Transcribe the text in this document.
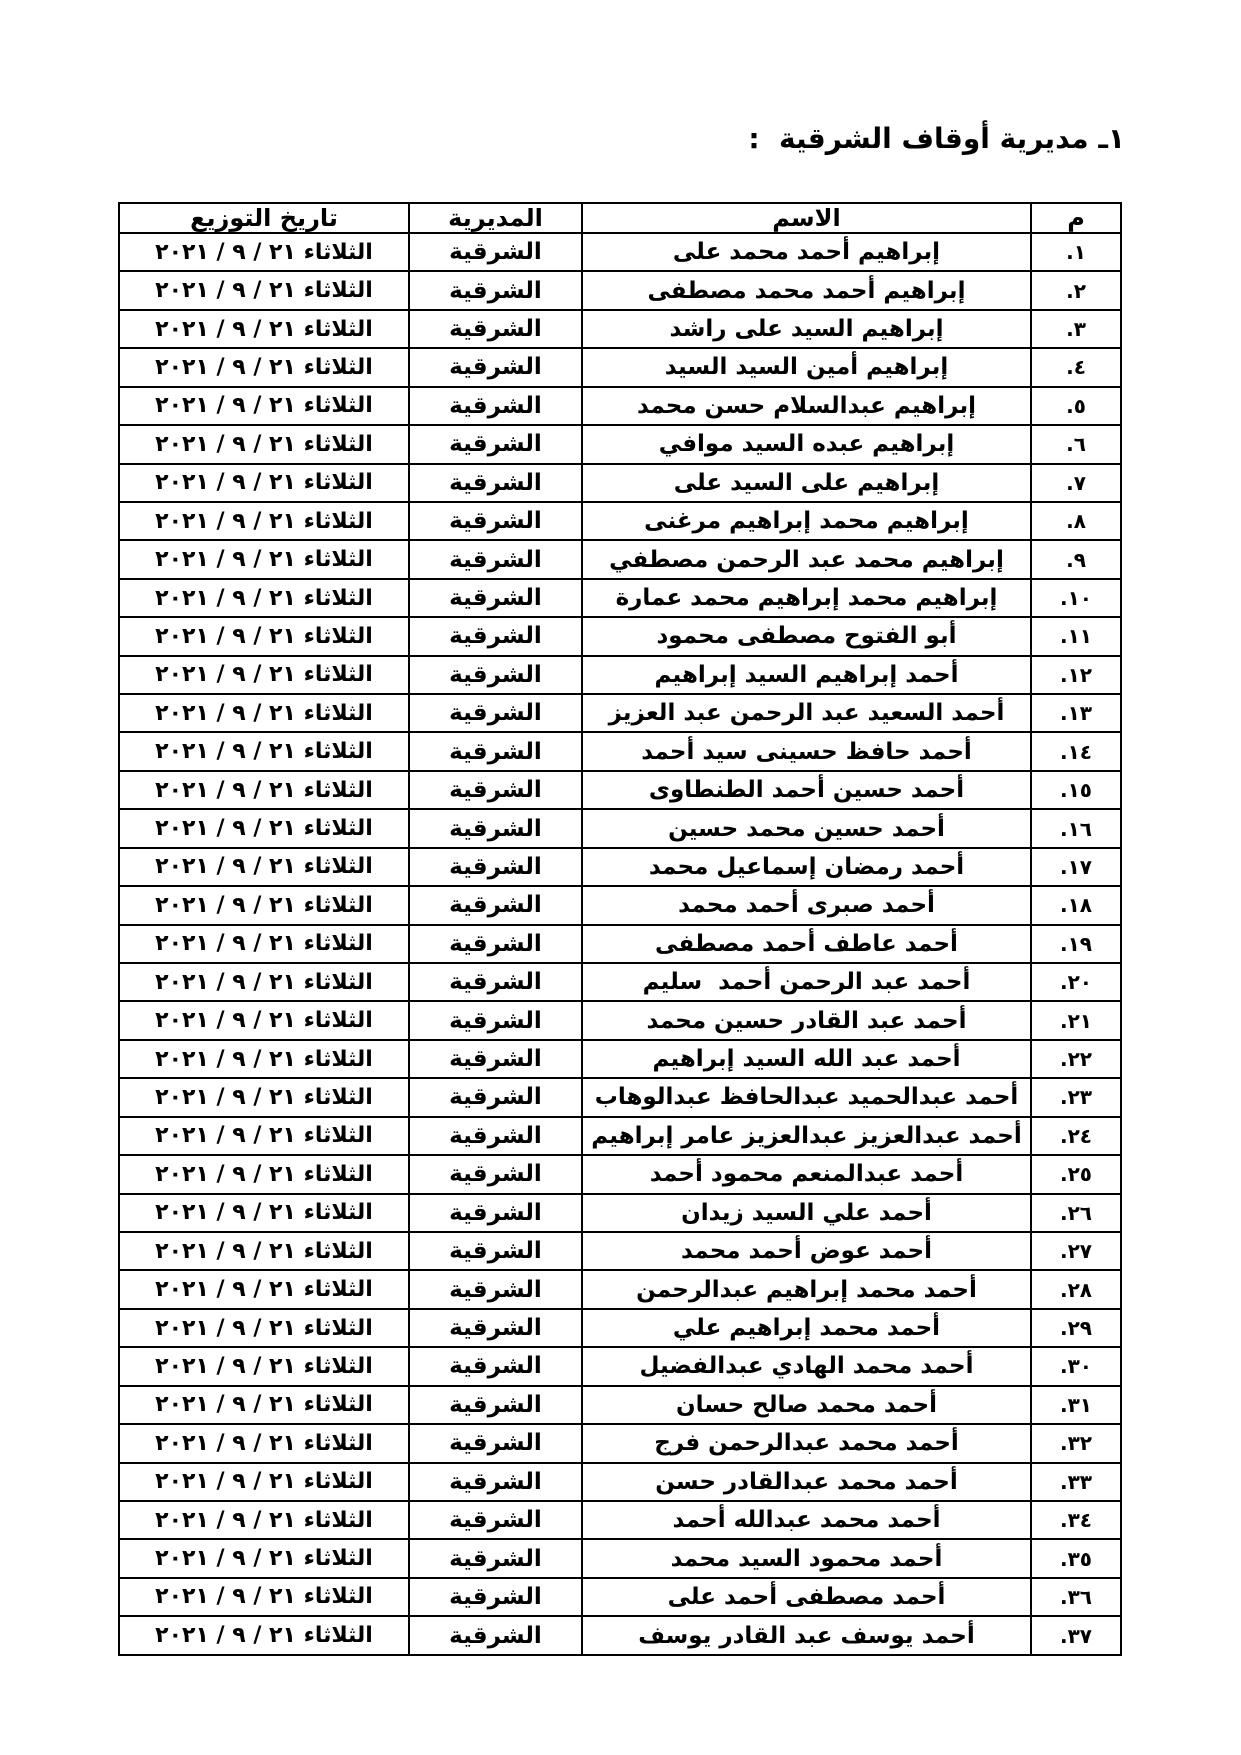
١ـ مديرية أوقاف الشرقية  :
م	الاسم	المديرية	تاريخ التوزيع
١.	إبراهيم أحمد محمد على	الشرقية	الثلاثاء ٢١ / ٩ / ٢٠٢١
٢.	إبراهيم أحمد محمد مصطفى	الشرقية	الثلاثاء ٢١ / ٩ / ٢٠٢١
٣.	إبراهيم السيد على راشد	الشرقية	الثلاثاء ٢١ / ٩ / ٢٠٢١
٤.	إبراهيم أمين السيد السيد	الشرقية	الثلاثاء ٢١ / ٩ / ٢٠٢١
٥.	إبراهيم عبدالسلام حسن محمد	الشرقية	الثلاثاء ٢١ / ٩ / ٢٠٢١
٦.	إبراهيم عبده السيد موافي	الشرقية	الثلاثاء ٢١ / ٩ / ٢٠٢١
٧.	إبراهيم على السيد على	الشرقية	الثلاثاء ٢١ / ٩ / ٢٠٢١
٨.	إبراهيم محمد إبراهيم مرغنى	الشرقية	الثلاثاء ٢١ / ٩ / ٢٠٢١
٩.	إبراهيم محمد عبد الرحمن مصطفي	الشرقية	الثلاثاء ٢١ / ٩ / ٢٠٢١
١٠.	إبراهيم محمد إبراهيم محمد عمارة	الشرقية	الثلاثاء ٢١ / ٩ / ٢٠٢١
١١.	أبو الفتوح مصطفى محمود	الشرقية	الثلاثاء ٢١ / ٩ / ٢٠٢١
١٢.	أحمد إبراهيم السيد إبراهيم	الشرقية	الثلاثاء ٢١ / ٩ / ٢٠٢١
١٣.	أحمد السعيد عبد الرحمن عبد العزيز	الشرقية	الثلاثاء ٢١ / ٩ / ٢٠٢١
١٤.	أحمد حافظ حسينى سيد أحمد	الشرقية	الثلاثاء ٢١ / ٩ / ٢٠٢١
١٥.	أحمد حسين أحمد الطنطاوى	الشرقية	الثلاثاء ٢١ / ٩ / ٢٠٢١
١٦.	أحمد حسين محمد حسين	الشرقية	الثلاثاء ٢١ / ٩ / ٢٠٢١
١٧.	أحمد رمضان إسماعيل محمد	الشرقية	الثلاثاء ٢١ / ٩ / ٢٠٢١
١٨.	أحمد صبرى أحمد محمد	الشرقية	الثلاثاء ٢١ / ٩ / ٢٠٢١
١٩.	أحمد عاطف أحمد مصطفى	الشرقية	الثلاثاء ٢١ / ٩ / ٢٠٢١
٢٠.	أحمد عبد الرحمن أحمد  سليم	الشرقية	الثلاثاء ٢١ / ٩ / ٢٠٢١
٢١.	أحمد عبد القادر حسين محمد	الشرقية	الثلاثاء ٢١ / ٩ / ٢٠٢١
٢٢.	أحمد عبد الله السيد إبراهيم	الشرقية	الثلاثاء ٢١ / ٩ / ٢٠٢١
٢٣.	أحمد عبدالحميد عبدالحافظ عبدالوهاب	الشرقية	الثلاثاء ٢١ / ٩ / ٢٠٢١
٢٤.	أحمد عبدالعزيز عبدالعزيز عامر إبراهيم	الشرقية	الثلاثاء ٢١ / ٩ / ٢٠٢١
٢٥.	أحمد عبدالمنعم محمود أحمد	الشرقية	الثلاثاء ٢١ / ٩ / ٢٠٢١
٢٦.	أحمد علي السيد زيدان	الشرقية	الثلاثاء ٢١ / ٩ / ٢٠٢١
٢٧.	أحمد عوض أحمد محمد	الشرقية	الثلاثاء ٢١ / ٩ / ٢٠٢١
٢٨.	أحمد محمد إبراهيم عبدالرحمن	الشرقية	الثلاثاء ٢١ / ٩ / ٢٠٢١
٢٩.	أحمد محمد إبراهيم علي	الشرقية	الثلاثاء ٢١ / ٩ / ٢٠٢١
٣٠.	أحمد محمد الهادي عبدالفضيل	الشرقية	الثلاثاء ٢١ / ٩ / ٢٠٢١
٣١.	أحمد محمد صالح حسان	الشرقية	الثلاثاء ٢١ / ٩ / ٢٠٢١
٣٢.	أحمد محمد عبدالرحمن فرج	الشرقية	الثلاثاء ٢١ / ٩ / ٢٠٢١
٣٣.	أحمد محمد عبدالقادر حسن	الشرقية	الثلاثاء ٢١ / ٩ / ٢٠٢١
٣٤.	أحمد محمد عبدالله أحمد	الشرقية	الثلاثاء ٢١ / ٩ / ٢٠٢١
٣٥.	أحمد محمود السيد محمد	الشرقية	الثلاثاء ٢١ / ٩ / ٢٠٢١
٣٦.	أحمد مصطفى أحمد على	الشرقية	الثلاثاء ٢١ / ٩ / ٢٠٢١
٣٧.	أحمد يوسف عبد القادر يوسف	الشرقية	الثلاثاء ٢١ / ٩ / ٢٠٢١
